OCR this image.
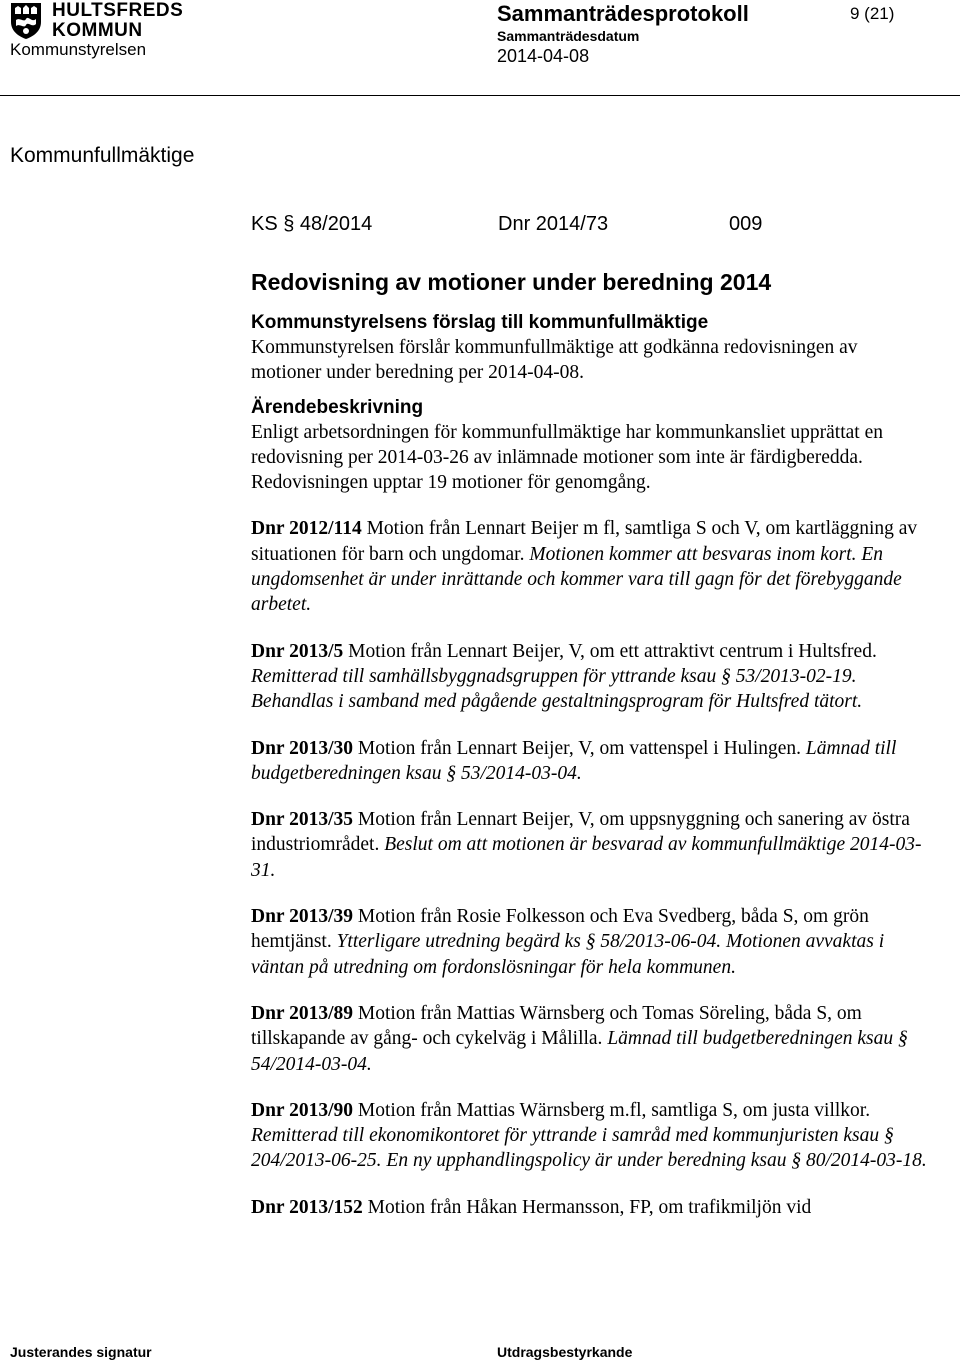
HULTSFREDS
KOMMUN
Kommunstyrelsen
Sammanträdesprotokoll
Sammanträdesdatum
2014-04-08
9 (21)
Kommunfullmäktige
KS § 48/2014	Dnr 2014/73	009
Redovisning av motioner under beredning 2014
Kommunstyrelsens förslag till kommunfullmäktige
Kommunstyrelsen förslår kommunfullmäktige att godkänna redovisningen av motioner under beredning per 2014-04-08.
Ärendebeskrivning
Enligt arbetsordningen för kommunfullmäktige har kommunkansliet upprättat en redovisning per 2014-03-26 av inlämnade motioner som inte är färdigberedda. Redovisningen upptar 19 motioner för genomgång.

Dnr 2012/114 Motion från Lennart Beijer m fl, samtliga S och V, om kartläggning av situationen för barn och ungdomar. Motionen kommer att besvaras inom kort. En ungdomsenhet är under inrättande och kommer vara till gagn för det förebyggande arbetet.

Dnr 2013/5 Motion från Lennart Beijer, V, om ett attraktivt centrum i Hultsfred. Remitterad till samhällsbyggnadsgruppen för yttrande ksau § 53/2013-02-19. Behandlas i samband med pågående gestaltningsprogram för Hultsfred tätort.

Dnr 2013/30 Motion från Lennart Beijer, V, om vattenspel i Hulingen. Lämnad till budgetberedningen ksau § 53/2014-03-04.

Dnr 2013/35 Motion från Lennart Beijer, V, om uppsnyggning och sanering av östra industriområdet. Beslut om att motionen är besvarad av kommunfullmäktige 2014-03-31.

Dnr 2013/39 Motion från Rosie Folkesson och Eva Svedberg, båda S, om grön hemtjänst. Ytterligare utredning begärd ks § 58/2013-06-04. Motionen avvaktas i väntan på utredning om fordonslösningar för hela kommunen.

Dnr 2013/89 Motion från Mattias Wärnsberg och Tomas Söreling, båda S, om tillskapande av gång- och cykelväg i Målilla. Lämnad till budgetberedningen ksau § 54/2014-03-04.

Dnr 2013/90 Motion från Mattias Wärnsberg m.fl, samtliga S, om justa villkor. Remitterad till ekonomikontoret för yttrande i samråd med kommunjuristen ksau § 204/2013-06-25. En ny upphandlingspolicy är under beredning ksau § 80/2014-03-18.

Dnr 2013/152 Motion från Håkan Hermansson, FP, om trafikmiljön vid

Justerandes signatur	Utdragsbestyrkande
